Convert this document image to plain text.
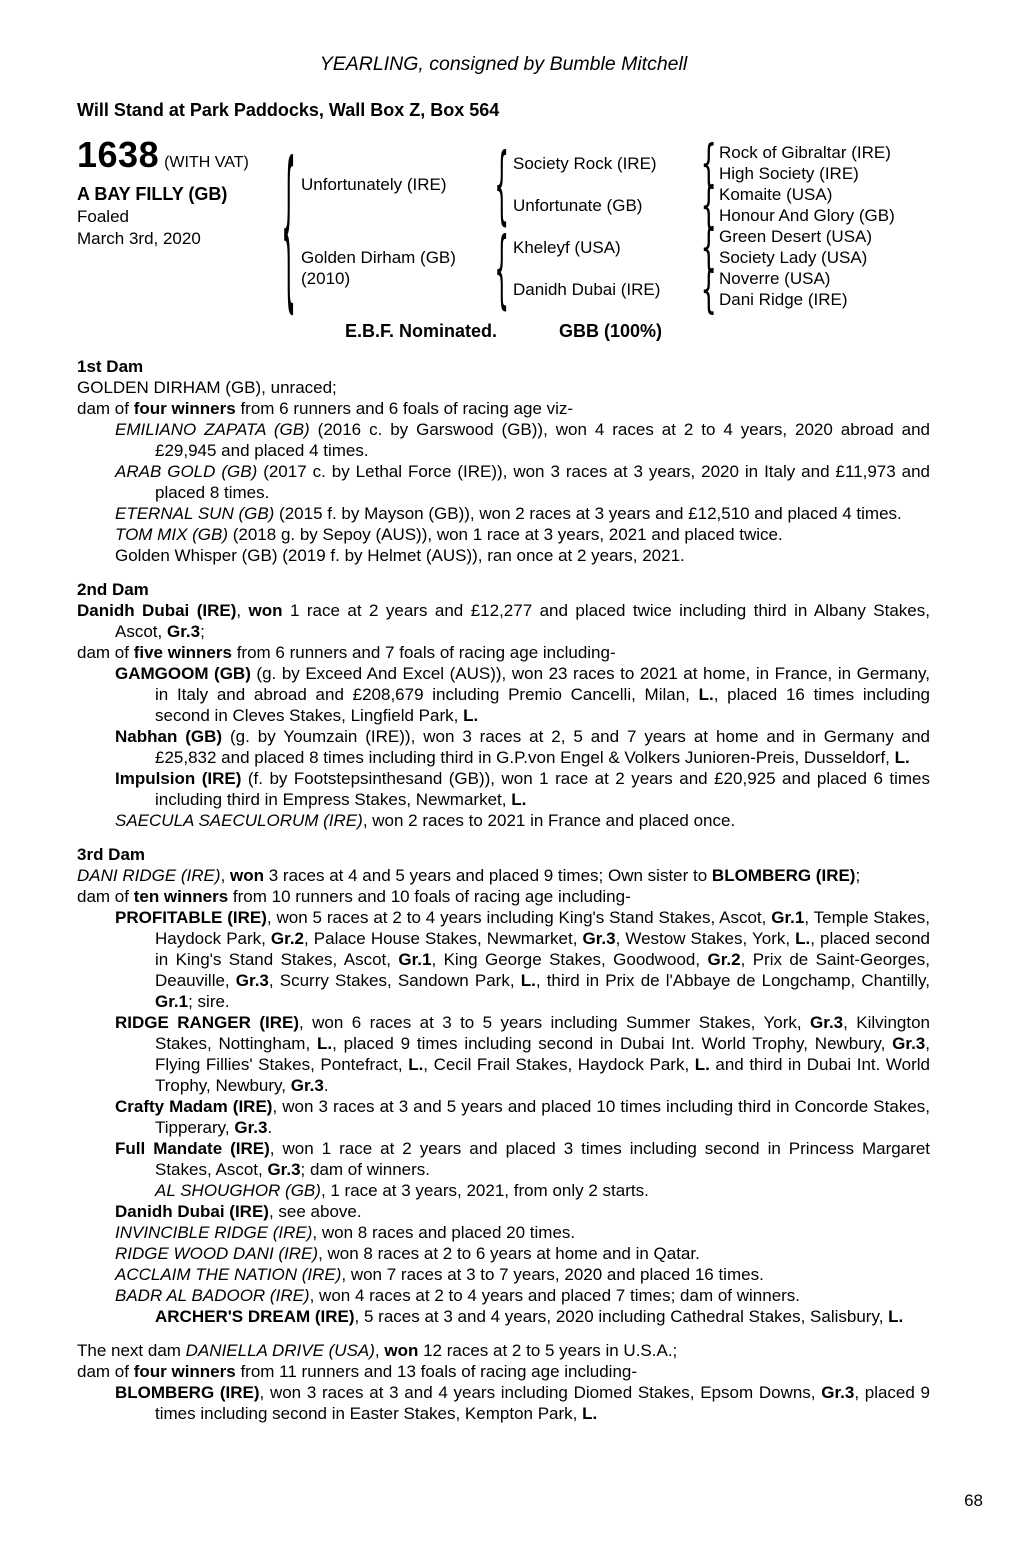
YEARLING, consigned by Bumble Mitchell
Will Stand at Park Paddocks, Wall Box Z, Box 564
1638 (WITH VAT)
A BAY FILLY (GB)
Foaled
March 3rd, 2020	{ Unfortunately (IRE)
Golden Dirham (GB)
(2010)
{
{
Society Rock (IRE)
Unfortunate (GB)
Kheleyf (USA)
Danidh Dubai (IRE)
{
{
{
{
Rock of Gibraltar (IRE)
High Society (IRE)
Komaite (USA)
Honour And Glory (GB)
Green Desert (USA)
Society Lady (USA)
Noverre (USA)
Dani Ridge (IRE)
E.B.F. Nominated.	GBB (100%)
1st Dam

GOLDEN DIRHAM (GB), unraced;

dam of four winners from 6 runners and 6 foals of racing age viz-

EMILIANO ZAPATA (GB) (2016 c. by Garswood (GB)), won 4 races at 2 to 4 years, 2020 abroad and £29,945 and placed 4 times.

ARAB GOLD (GB) (2017 c. by Lethal Force (IRE)), won 3 races at 3 years, 2020 in Italy and £11,973 and placed 8 times.

ETERNAL SUN (GB) (2015 f. by Mayson (GB)), won 2 races at 3 years and £12,510 and placed 4 times.

TOM MIX (GB) (2018 g. by Sepoy (AUS)), won 1 race at 3 years, 2021 and placed twice.

Golden Whisper (GB) (2019 f. by Helmet (AUS)), ran once at 2 years, 2021.

2nd Dam

Danidh Dubai (IRE), won 1 race at 2 years and £12,277 and placed twice including third in Albany Stakes, Ascot, Gr.3;

dam of five winners from 6 runners and 7 foals of racing age including-

GAMGOOM (GB) (g. by Exceed And Excel (AUS)), won 23 races to 2021 at home, in France, in Germany, in Italy and abroad and £208,679 including Premio Cancelli, Milan, L., placed 16 times including second in Cleves Stakes, Lingfield Park, L.

Nabhan (GB) (g. by Youmzain (IRE)), won 3 races at 2, 5 and 7 years at home and in Germany and £25,832 and placed 8 times including third in G.P.von Engel & Volkers Junioren-Preis, Dusseldorf, L.

Impulsion (IRE) (f. by Footstepsinthesand (GB)), won 1 race at 2 years and £20,925 and placed 6 times including third in Empress Stakes, Newmarket, L.

SAECULA SAECULORUM (IRE), won 2 races to 2021 in France and placed once.

3rd Dam

DANI RIDGE (IRE), won 3 races at 4 and 5 years and placed 9 times; Own sister to BLOMBERG (IRE);

dam of ten winners from 10 runners and 10 foals of racing age including-

PROFITABLE (IRE), won 5 races at 2 to 4 years including King's Stand Stakes, Ascot, Gr.1, Temple Stakes, Haydock Park, Gr.2, Palace House Stakes, Newmarket, Gr.3, Westow Stakes, York, L., placed second in King's Stand Stakes, Ascot, Gr.1, King George Stakes, Goodwood, Gr.2, Prix de Saint-Georges, Deauville, Gr.3, Scurry Stakes, Sandown Park, L., third in Prix de l'Abbaye de Longchamp, Chantilly, Gr.1; sire.

RIDGE RANGER (IRE), won 6 races at 3 to 5 years including Summer Stakes, York, Gr.3, Kilvington Stakes, Nottingham, L., placed 9 times including second in Dubai Int. World Trophy, Newbury, Gr.3, Flying Fillies' Stakes, Pontefract, L., Cecil Frail Stakes, Haydock Park, L. and third in Dubai Int. World Trophy, Newbury, Gr.3.

Crafty Madam (IRE), won 3 races at 3 and 5 years and placed 10 times including third in Concorde Stakes, Tipperary, Gr.3.

Full Mandate (IRE), won 1 race at 2 years and placed 3 times including second in Princess Margaret Stakes, Ascot, Gr.3; dam of winners.

AL SHOUGHOR (GB), 1 race at 3 years, 2021, from only 2 starts.

Danidh Dubai (IRE), see above.

INVINCIBLE RIDGE (IRE), won 8 races and placed 20 times.

RIDGE WOOD DANI (IRE), won 8 races at 2 to 6 years at home and in Qatar.

ACCLAIM THE NATION (IRE), won 7 races at 3 to 7 years, 2020 and placed 16 times.

BADR AL BADOOR (IRE), won 4 races at 2 to 4 years and placed 7 times; dam of winners.

ARCHER'S DREAM (IRE), 5 races at 3 and 4 years, 2020 including Cathedral Stakes, Salisbury, L.

The next dam DANIELLA DRIVE (USA), won 12 races at 2 to 5 years in U.S.A.;

dam of four winners from 11 runners and 13 foals of racing age including-

BLOMBERG (IRE), won 3 races at 3 and 4 years including Diomed Stakes, Epsom Downs, Gr.3, placed 9 times including second in Easter Stakes, Kempton Park, L.

68
